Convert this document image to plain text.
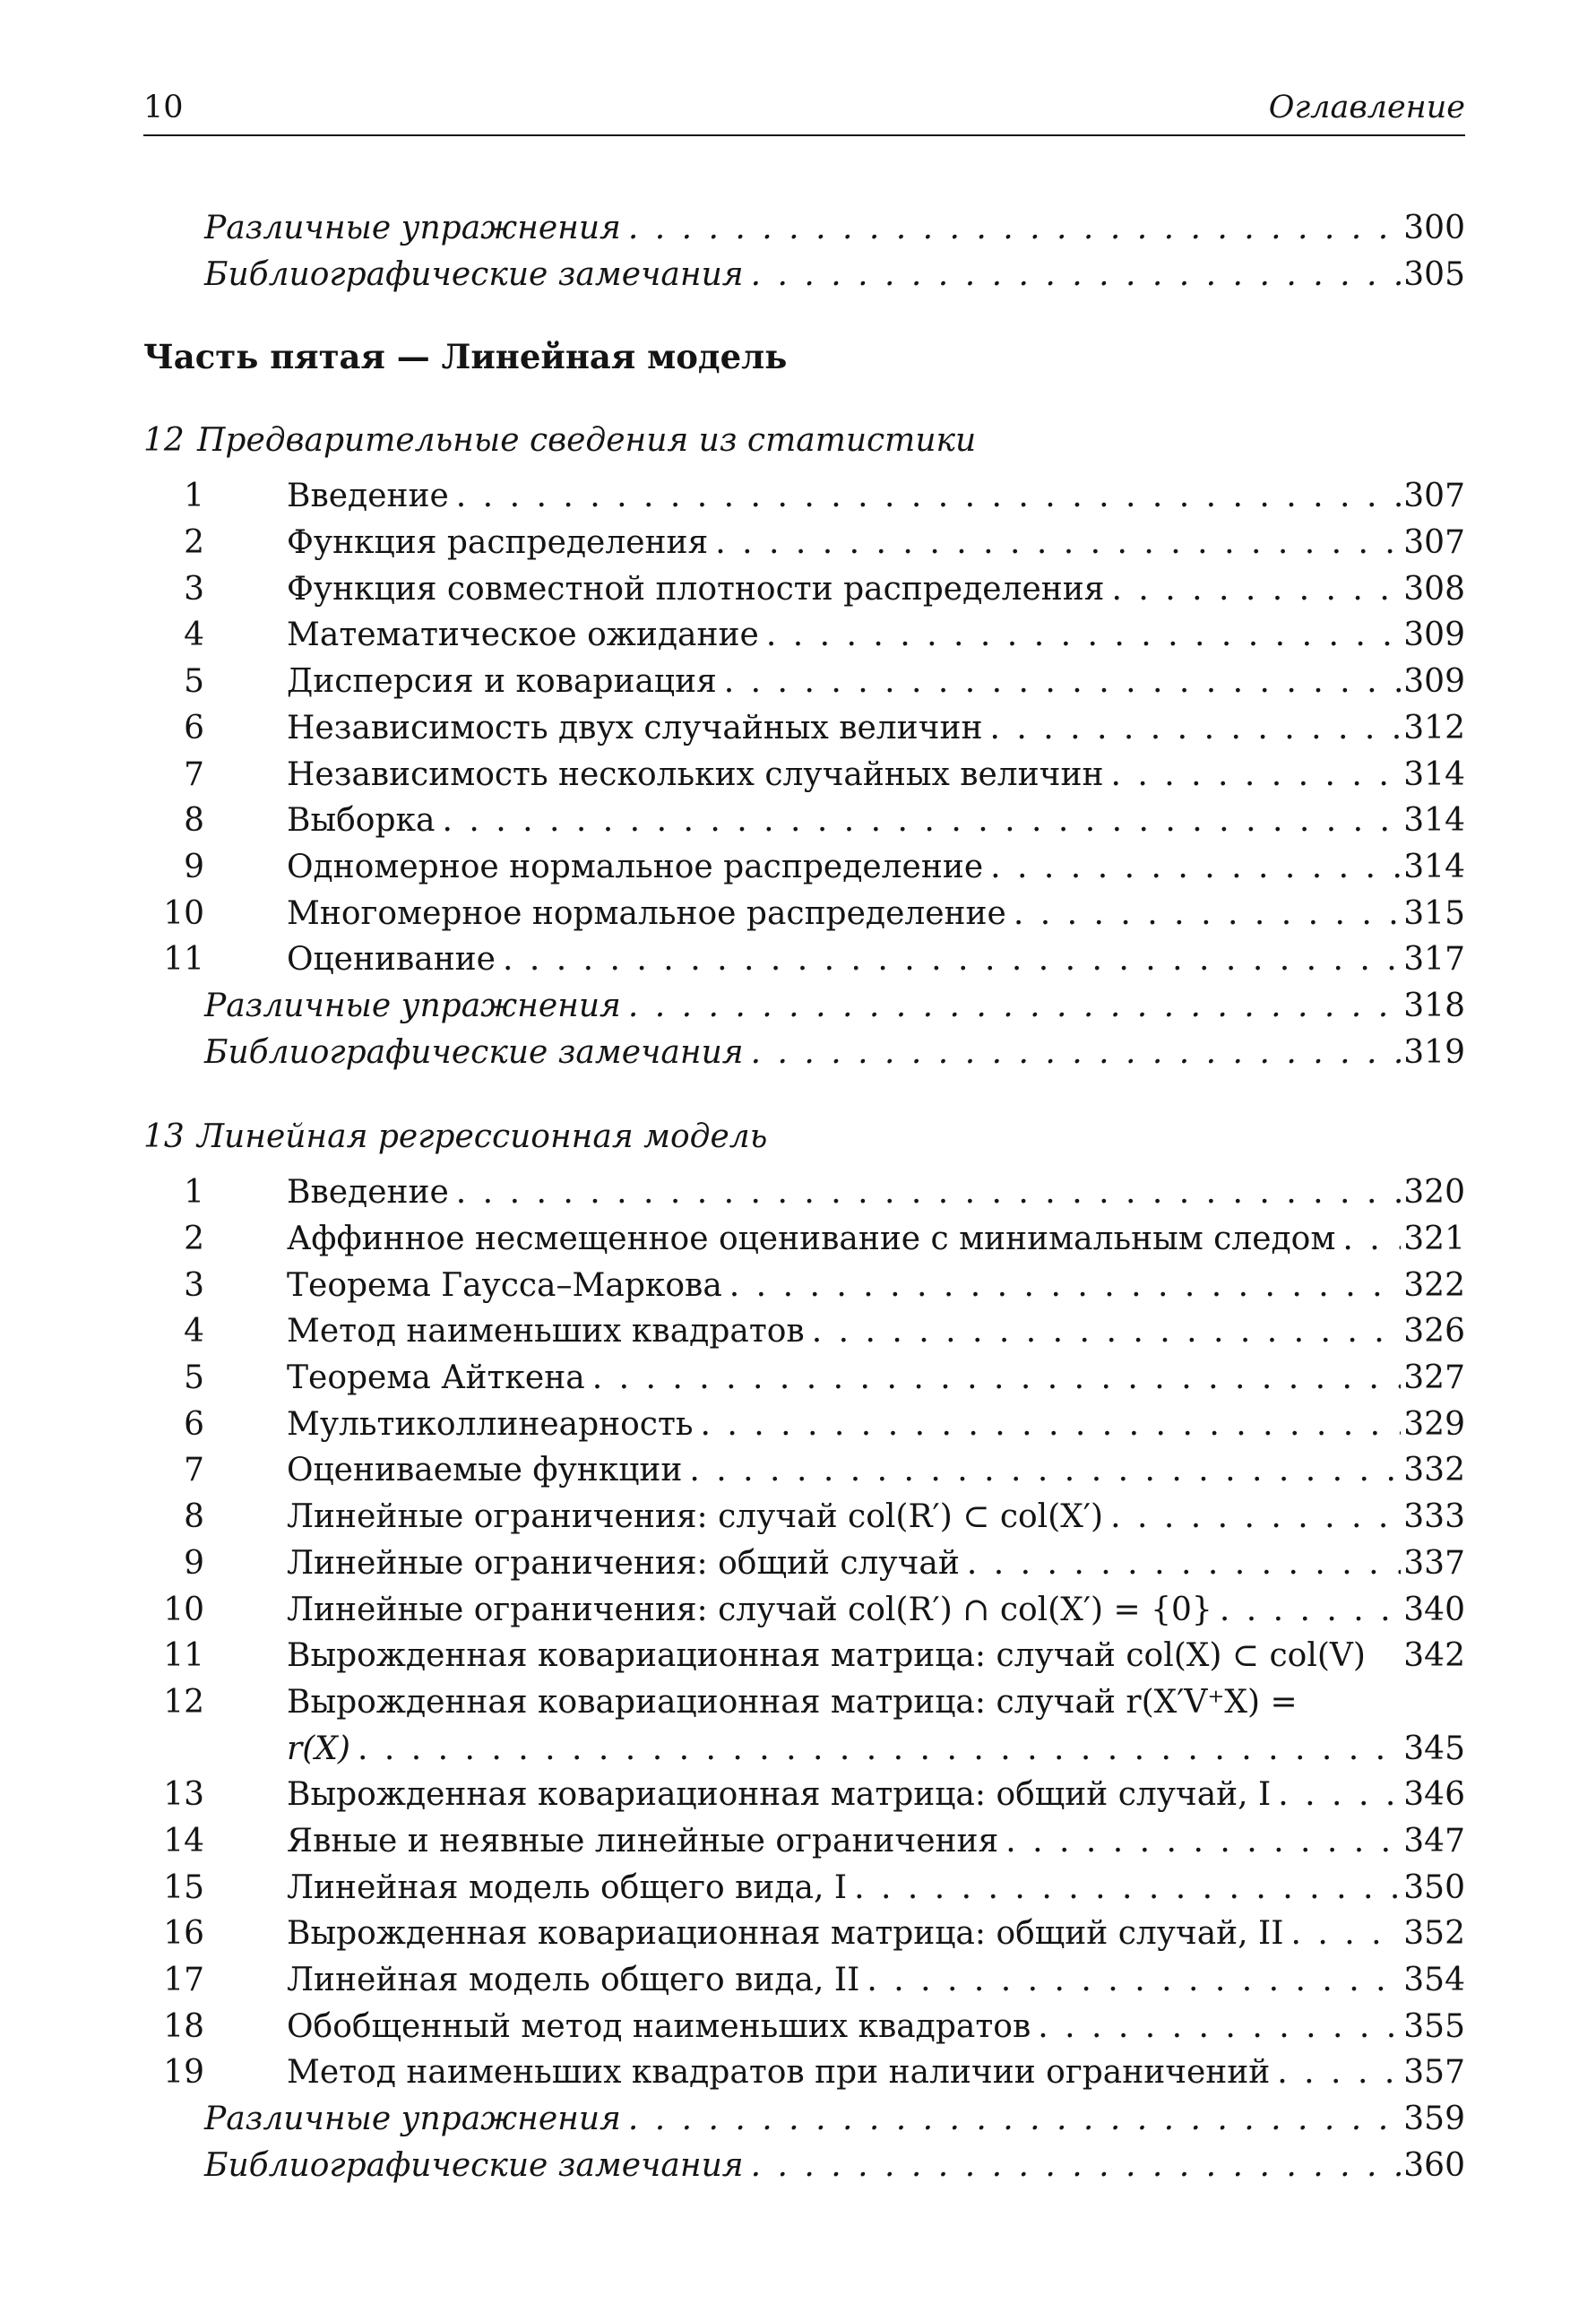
10	Оглавление
Различные упражнения . . .	300
Библиографические замечания . . .	305
Часть пятая — Линейная модель
12 Предварительные сведения из статистики
1	Введение . . .	307
2	Функция распределения . . .	307
3	Функция совместной плотности распределения . . .	308
4	Математическое ожидание . . .	309
5	Дисперсия и ковариация . . .	309
6	Независимость двух случайных величин . . .	312
7	Независимость нескольких случайных величин . . .	314
8	Выборка . . .	314
9	Одномерное нормальное распределение . . .	314
10	Многомерное нормальное распределение . . .	315
11	Оценивание . . .	317
Различные упражнения . . .	318
Библиографические замечания . . .	319
13 Линейная регрессионная модель
1	Введение . . .	320
2	Аффинное несмещенное оценивание с минимальным следом . . . 321
3	Теорема Гаусса–Маркова . . .	322
4	Метод наименьших квадратов . . .	326
5	Теорема Айткена . . .	327
6	Мультиколлинеарность . . .	329
7	Оцениваемые функции . . .	332
8	Линейные ограничения: случай col(R′) ⊂ col(X′) . . .	333
9	Линейные ограничения: общий случай . . .	337
10	Линейные ограничения: случай col(R′) ∩ col(X′) = {0} . . .	340
11	Вырожденная ковариационная матрица: случай col(X) ⊂ col(V) 342
12	Вырожденная ковариационная матрица: случай r(X′V⁺X) =
r(X) . . .	345
13	Вырожденная ковариационная матрица: общий случай, I . . .	346
14	Явные и неявные линейные ограничения . . .	347
15	Линейная модель общего вида, I . . .	350
16	Вырожденная ковариационная матрица: общий случай, II . . .	352
17	Линейная модель общего вида, II . . .	354
18	Обобщенный метод наименьших квадратов . . .	355
19	Метод наименьших квадратов при наличии ограничений . . .	357
Различные упражнения . . .	359
Библиографические замечания . . .	360
